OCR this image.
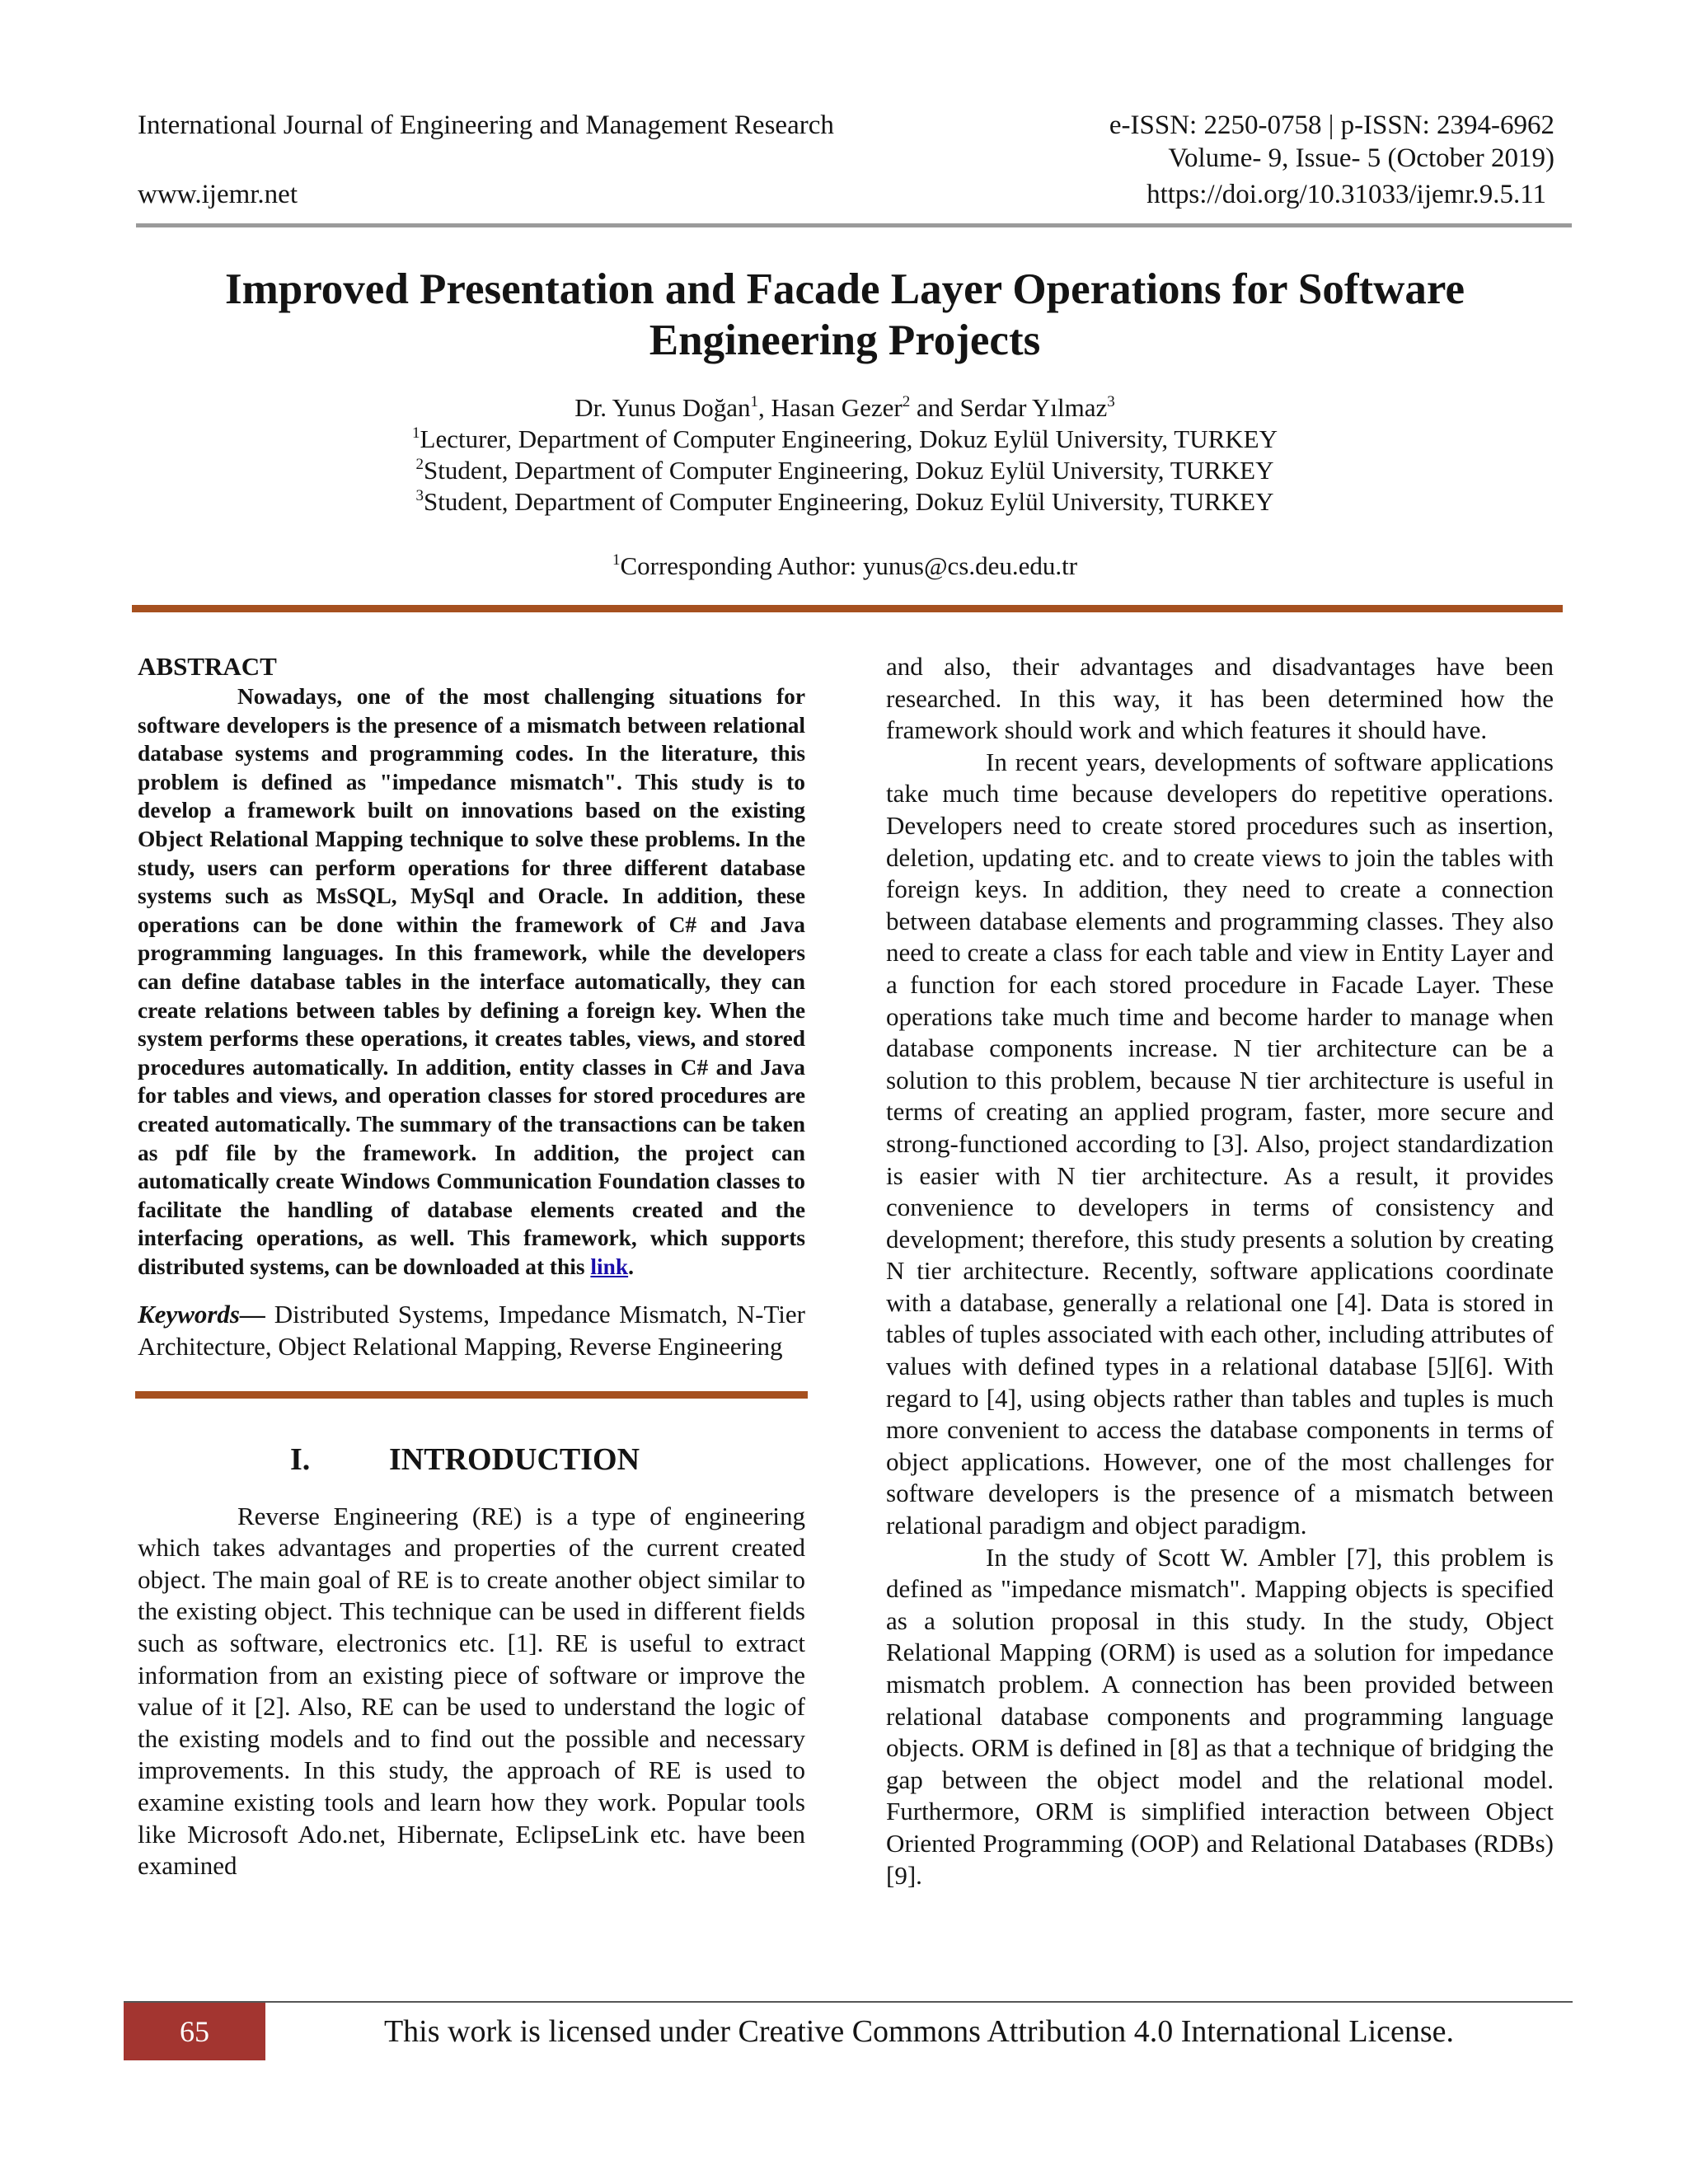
International Journal of Engineering and Management Research	e-ISSN: 2250-0758 | p-ISSN: 2394-6962
Volume- 9, Issue- 5 (October 2019)
www.ijemr.net	https://doi.org/10.31033/ijemr.9.5.11
Improved Presentation and Facade Layer Operations for Software Engineering Projects

Dr. Yunus Doğan$^1$, Hasan Gezer$^2$ and Serdar Yılmaz$^3$

$^1$Lecturer, Department of Computer Engineering, Dokuz Eylül University, TURKEY

$^2$Student, Department of Computer Engineering, Dokuz Eylül University, TURKEY

$^3$Student, Department of Computer Engineering, Dokuz Eylül University, TURKEY

$^1$Corresponding Author: yunus@cs.deu.edu.tr

ABSTRACT

Nowadays, one of the most challenging situations for software developers is the presence of a mismatch between relational database systems and programming codes. In the literature, this problem is defined as "impedance mismatch". This study is to develop a framework built on innovations based on the existing Object Relational Mapping technique to solve these problems. In the study, users can perform operations for three different database systems such as MsSQL, MySql and Oracle. In addition, these operations can be done within the framework of C# and Java programming languages. In this framework, while the developers can define database tables in the interface automatically, they can create relations between tables by defining a foreign key. When the system performs these operations, it creates tables, views, and stored procedures automatically. In addition, entity classes in C# and Java for tables and views, and operation classes for stored procedures are created automatically. The summary of the transactions can be taken as pdf file by the framework. In addition, the project can automatically create Windows Communication Foundation classes to facilitate the handling of database elements created and the interfacing operations, as well. This framework, which supports distributed systems, can be downloaded at this link.

Keywords— Distributed Systems, Impedance Mismatch, N-Tier Architecture, Object Relational Mapping, Reverse Engineering

I.	INTRODUCTION

Reverse Engineering (RE) is a type of engineering which takes advantages and properties of the current created object. The main goal of RE is to create another object similar to the existing object. This technique can be used in different fields such as software, electronics etc. [1]. RE is useful to extract information from an existing piece of software or improve the value of it [2]. Also, RE can be used to understand the logic of the existing models and to find out the possible and necessary improvements. In this study, the approach of RE is used to examine existing tools and learn how they work. Popular tools like Microsoft Ado.net, Hibernate, EclipseLink etc. have been examined

and also, their advantages and disadvantages have been researched. In this way, it has been determined how the framework should work and which features it should have.

In recent years, developments of software applications take much time because developers do repetitive operations. Developers need to create stored procedures such as insertion, deletion, updating etc. and to create views to join the tables with foreign keys. In addition, they need to create a connection between database elements and programming classes. They also need to create a class for each table and view in Entity Layer and a function for each stored procedure in Facade Layer. These operations take much time and become harder to manage when database components increase. N tier architecture can be a solution to this problem, because N tier architecture is useful in terms of creating an applied program, faster, more secure and strong-functioned according to [3]. Also, project standardization is easier with N tier architecture. As a result, it provides convenience to developers in terms of consistency and development; therefore, this study presents a solution by creating N tier architecture. Recently, software applications coordinate with a database, generally a relational one [4]. Data is stored in tables of tuples associated with each other, including attributes of values with defined types in a relational database [5][6]. With regard to [4], using objects rather than tables and tuples is much more convenient to access the database components in terms of object applications. However, one of the most challenges for software developers is the presence of a mismatch between relational paradigm and object paradigm.

In the study of Scott W. Ambler [7], this problem is defined as "impedance mismatch". Mapping objects is specified as a solution proposal in this study. In the study, Object Relational Mapping (ORM) is used as a solution for impedance mismatch problem. A connection has been provided between relational database components and programming language objects. ORM is defined in [8] as that a technique of bridging the gap between the object model and the relational model. Furthermore, ORM is simplified interaction between Object Oriented Programming (OOP) and Relational Databases (RDBs) [9].

65	This work is licensed under Creative Commons Attribution 4.0 International License.
